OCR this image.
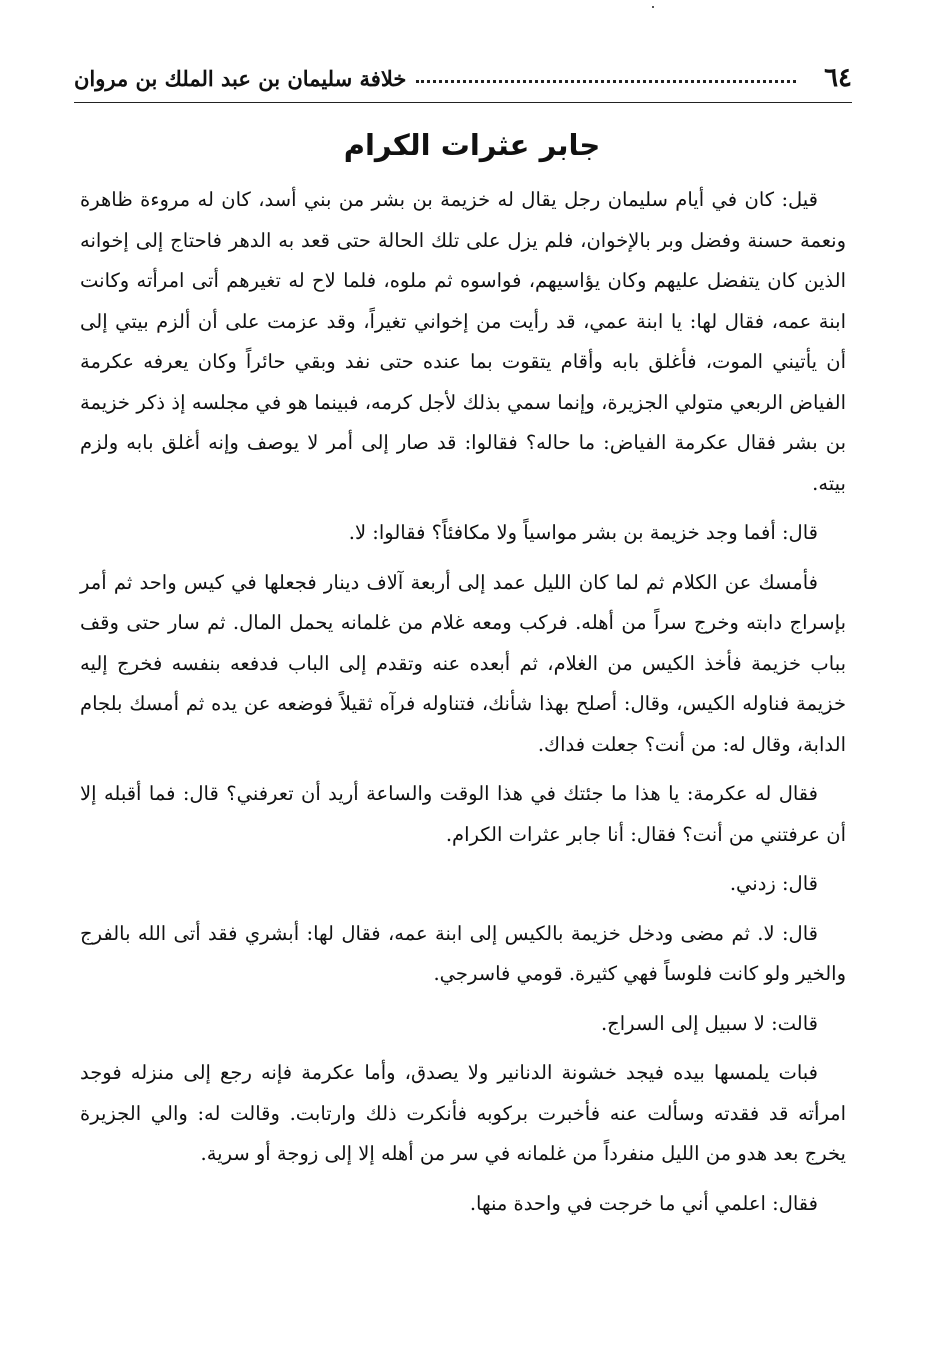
٦٤
خلافة سليمان بن عبد الملك بن مروان
جابر عثرات الكرام

قيل: كان في أيام سليمان رجل يقال له خزيمة بن بشر من بني أسد، كان له مروءة ظاهرة ونعمة حسنة وفضل وبر بالإخوان، فلم يزل على تلك الحالة حتى قعد به الدهر فاحتاج إلى إخوانه الذين كان يتفضل عليهم وكان يؤاسيهم، فواسوه ثم ملوه، فلما لاح له تغيرهم أتى امرأته وكانت ابنة عمه، فقال لها: يا ابنة عمي، قد رأيت من إخواني تغيراً، وقد عزمت على أن ألزم بيتي إلى أن يأتيني الموت، فأغلق بابه وأقام يتقوت بما عنده حتى نفد وبقي حائراً وكان يعرفه عكرمة الفياض الربعي متولي الجزيرة، وإنما سمي بذلك لأجل كرمه، فبينما هو في مجلسه إذ ذكر خزيمة بن بشر فقال عكرمة الفياض: ما حاله؟ فقالوا: قد صار إلى أمر لا يوصف وإنه أغلق بابه ولزم بيته.

قال: أفما وجد خزيمة بن بشر مواسياً ولا مكافئاً؟ فقالوا: لا.

فأمسك عن الكلام ثم لما كان الليل عمد إلى أربعة آلاف دينار فجعلها في كيس واحد ثم أمر بإسراج دابته وخرج سراً من أهله. فركب ومعه غلام من غلمانه يحمل المال. ثم سار حتى وقف بباب خزيمة فأخذ الكيس من الغلام، ثم أبعده عنه وتقدم إلى الباب فدفعه بنفسه فخرج إليه خزيمة فناوله الكيس، وقال: أصلح بهذا شأنك، فتناوله فرآه ثقيلاً فوضعه عن يده ثم أمسك بلجام الدابة، وقال له: من أنت؟ جعلت فداك.

فقال له عكرمة: يا هذا ما جئتك في هذا الوقت والساعة أريد أن تعرفني؟ قال: فما أقبله إلا أن عرفتني من أنت؟ فقال: أنا جابر عثرات الكرام.

قال: زدني.

قال: لا. ثم مضى ودخل خزيمة بالكيس إلى ابنة عمه، فقال لها: أبشري فقد أتى الله بالفرج والخير ولو كانت فلوساً فهي كثيرة. قومي فاسرجي.

قالت: لا سبيل إلى السراج.

فبات يلمسها بيده فيجد خشونة الدنانير ولا يصدق، وأما عكرمة فإنه رجع إلى منزله فوجد امرأته قد فقدته وسألت عنه فأخبرت بركوبه فأنكرت ذلك وارتابت. وقالت له: والي الجزيرة يخرج بعد هدو من الليل منفرداً من غلمانه في سر من أهله إلا إلى زوجة أو سرية.

فقال: اعلمي أني ما خرجت في واحدة منها.
